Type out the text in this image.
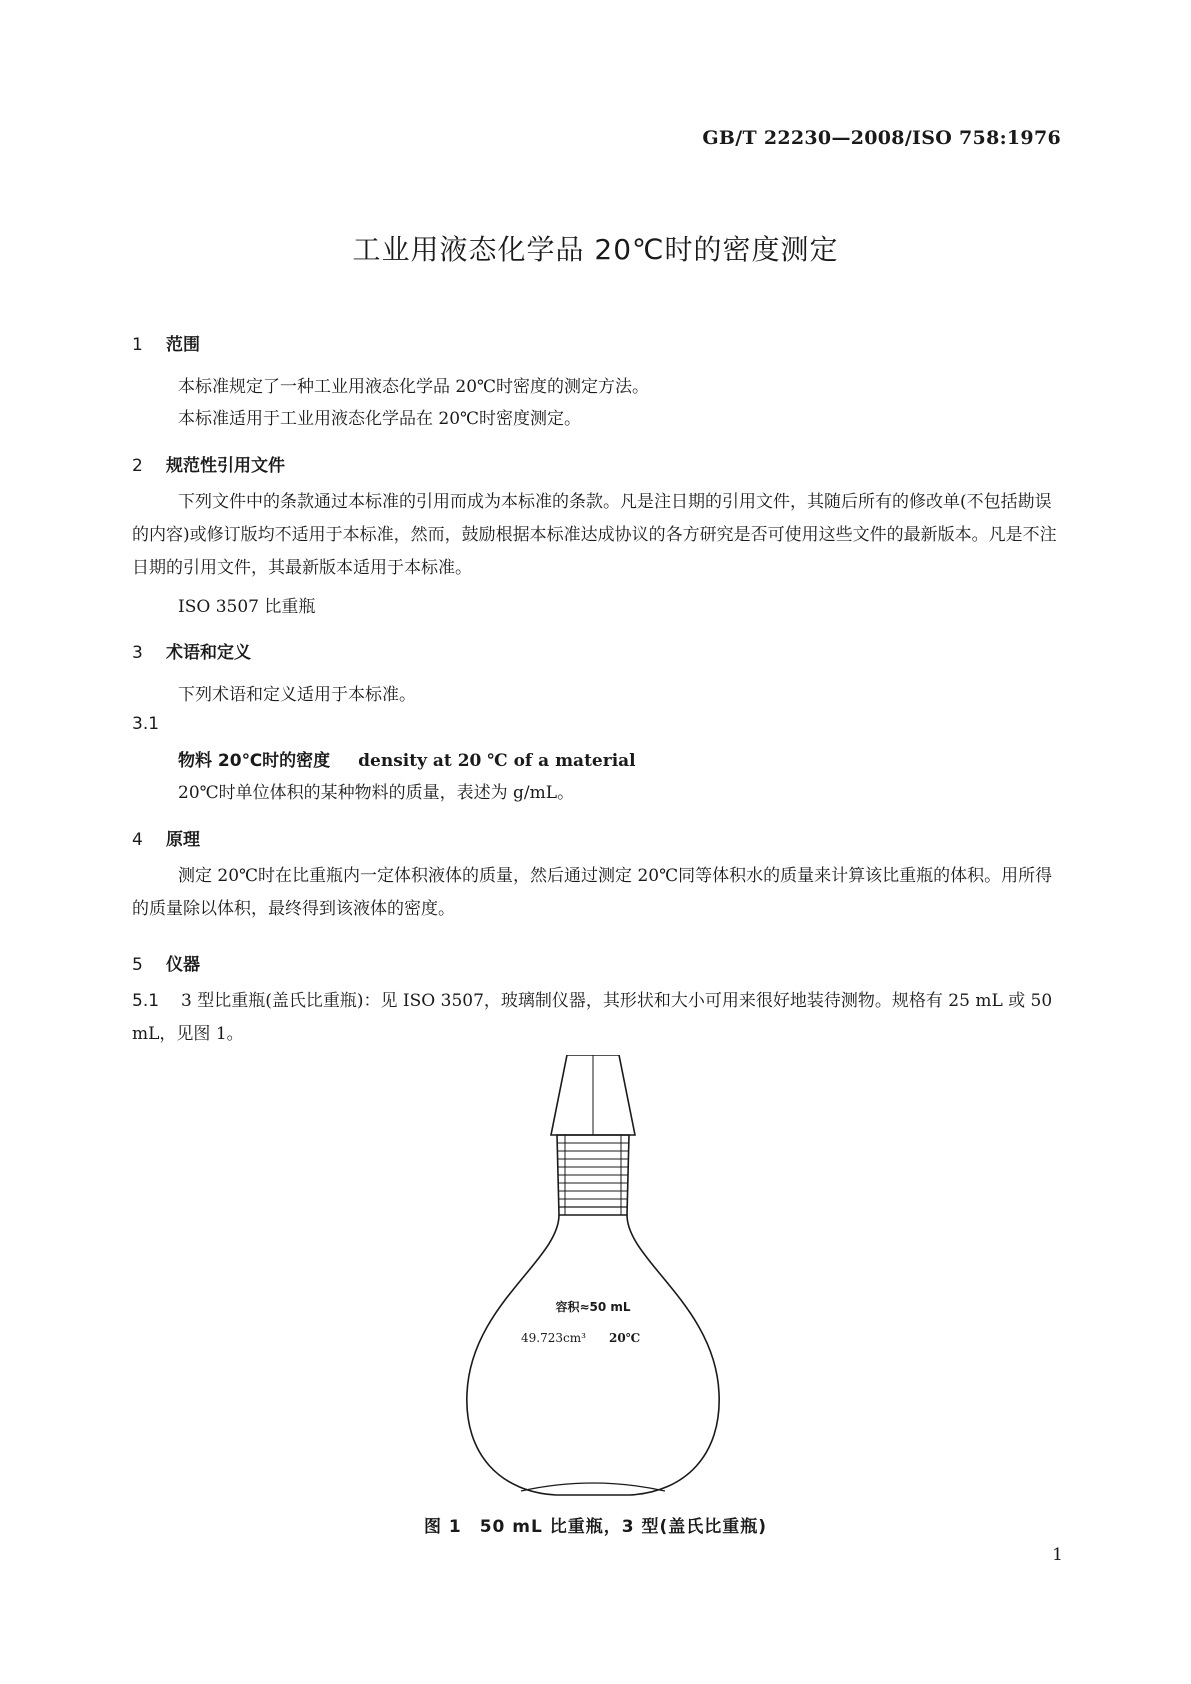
GB/T 22230—2008/ISO 758:1976
工业用液态化学品 20℃时的密度测定
1 范围
本标准规定了一种工业用液态化学品 20℃时密度的测定方法。
本标准适用于工业用液态化学品在 20℃时密度测定。
2 规范性引用文件
下列文件中的条款通过本标准的引用而成为本标准的条款。凡是注日期的引用文件，其随后所有的修改单(不包括勘误的内容)或修订版均不适用于本标准，然而，鼓励根据本标准达成协议的各方研究是否可使用这些文件的最新版本。凡是不注日期的引用文件，其最新版本适用于本标准。
ISO 3507 比重瓶
3 术语和定义
下列术语和定义适用于本标准。
3.1
物料 20℃时的密度 density at 20 ℃ of a material
20℃时单位体积的某种物料的质量，表述为 g/mL。
4 原理
测定 20℃时在比重瓶内一定体积液体的质量，然后通过测定 20℃同等体积水的质量来计算该比重瓶的体积。用所得的质量除以体积，最终得到该液体的密度。
5 仪器
5.1 3 型比重瓶(盖氏比重瓶)：见 ISO 3507，玻璃制仪器，其形状和大小可用来很好地装待测物。规格有 25 mL 或 50 mL，见图 1。
容积≈50 mL
49.723cm³ 20℃
图 1　50 mL 比重瓶，3 型(盖氏比重瓶)
1
